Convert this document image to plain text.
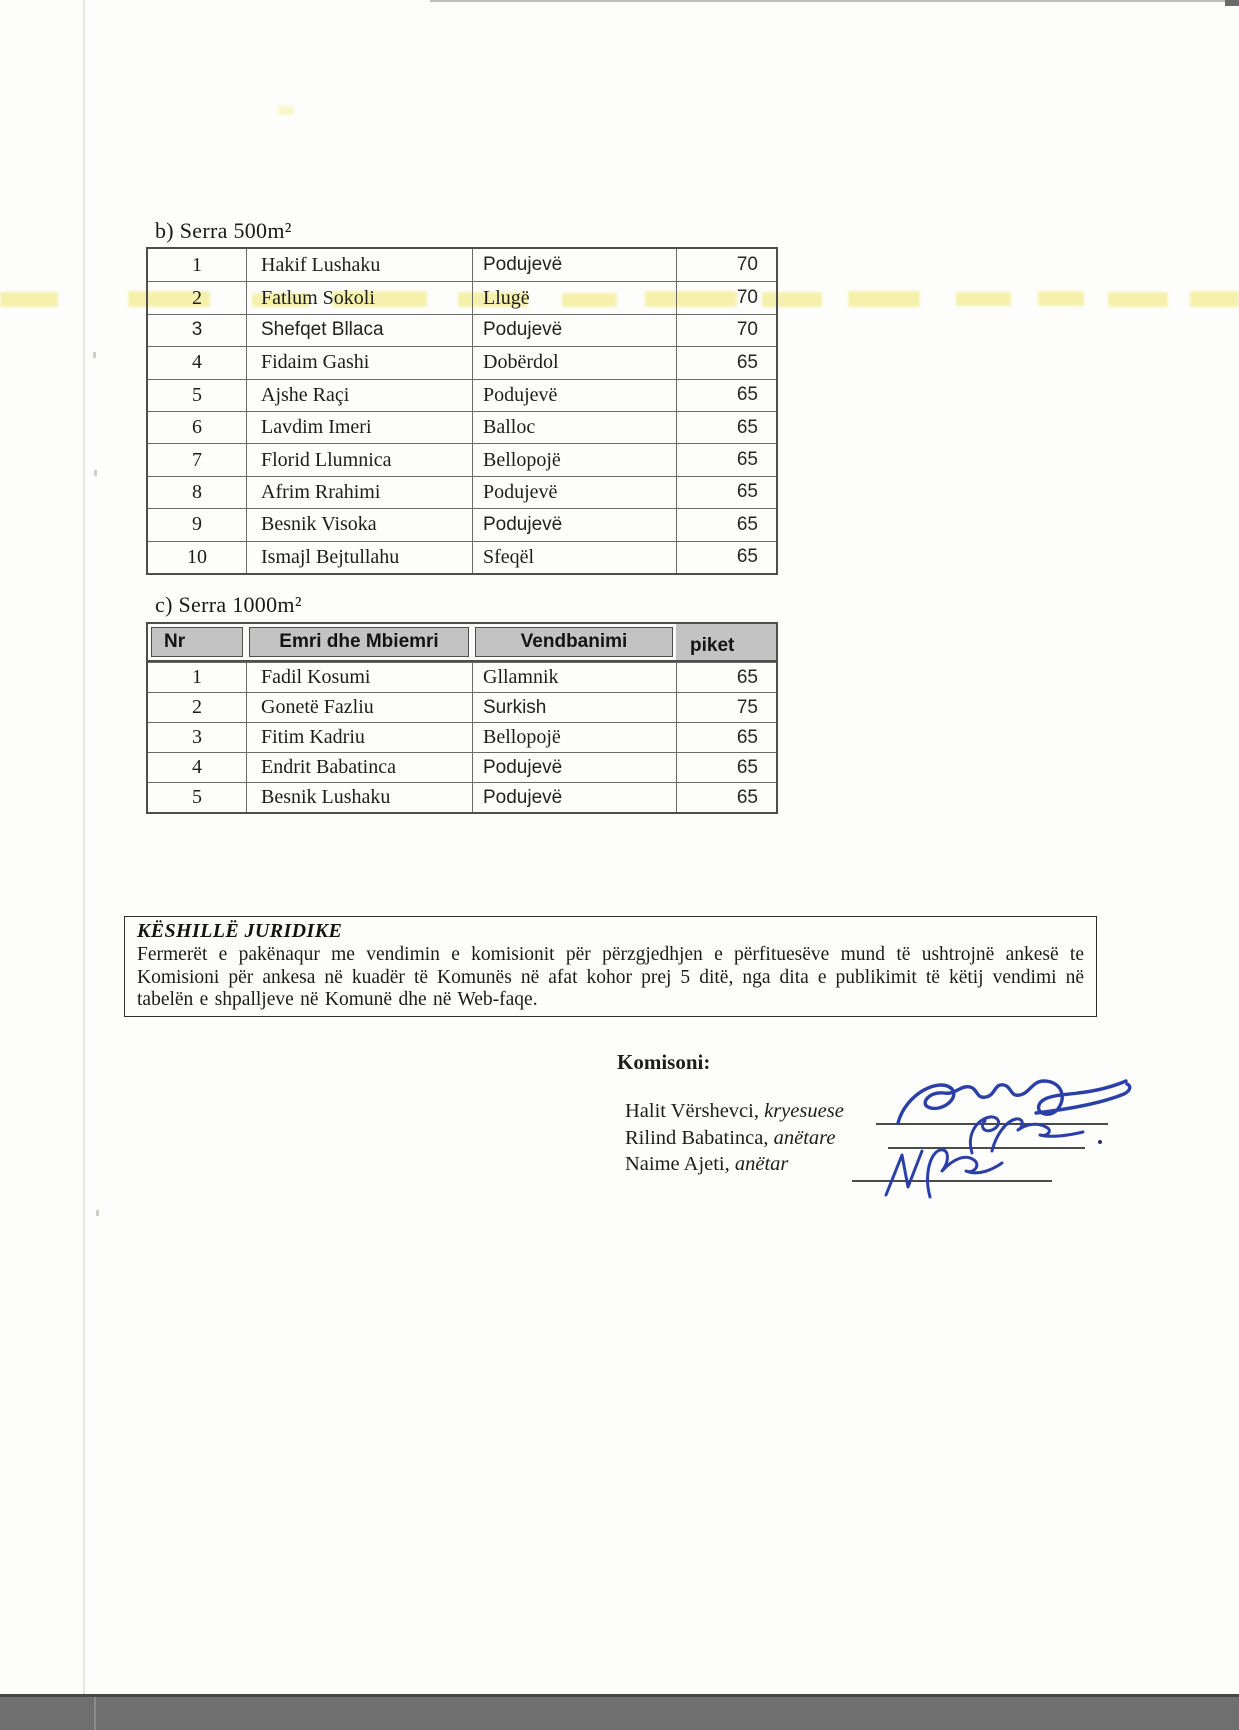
b) Serra 500m²
1	Hakif Lushaku	Podujevë	70
2	Fatlum Sokoli	Llugë	70
3	Shefqet Bllaca	Podujevë	70
4	Fidaim Gashi	Dobërdol	65
5	Ajshe Raçi	Podujevë	65
6	Lavdim Imeri	Balloc	65
7	Florid Llumnica	Bellopojë	65
8	Afrim Rrahimi	Podujevë	65
9	Besnik Visoka	Podujevë	65
10	Ismajl Bejtullahu	Sfeqël	65
c) Serra 1000m²
Nr	Emri dhe Mbiemri	Vendbanimi	piket
1	Fadil Kosumi	Gllamnik	65
2	Gonetë Fazliu	Surkish	75
3	Fitim Kadriu	Bellopojë	65
4	Endrit Babatinca	Podujevë	65
5	Besnik Lushaku	Podujevë	65
KËSHILLË JURIDIKE
Fermerët e pakënaqur me vendimin e komisionit për përzgjedhjen e përfituesëve mund të ushtrojnë ankesë te Komisioni për ankesa në kuadër të Komunës në afat kohor prej 5 ditë, nga dita e publikimit të këtij vendimi në tabelën e shpalljeve në Komunë dhe në Web-faqe.
Komisoni:
Halit Vërshevci, kryesuese
Rilind Babatinca, anëtare
Naime Ajeti, anëtar
